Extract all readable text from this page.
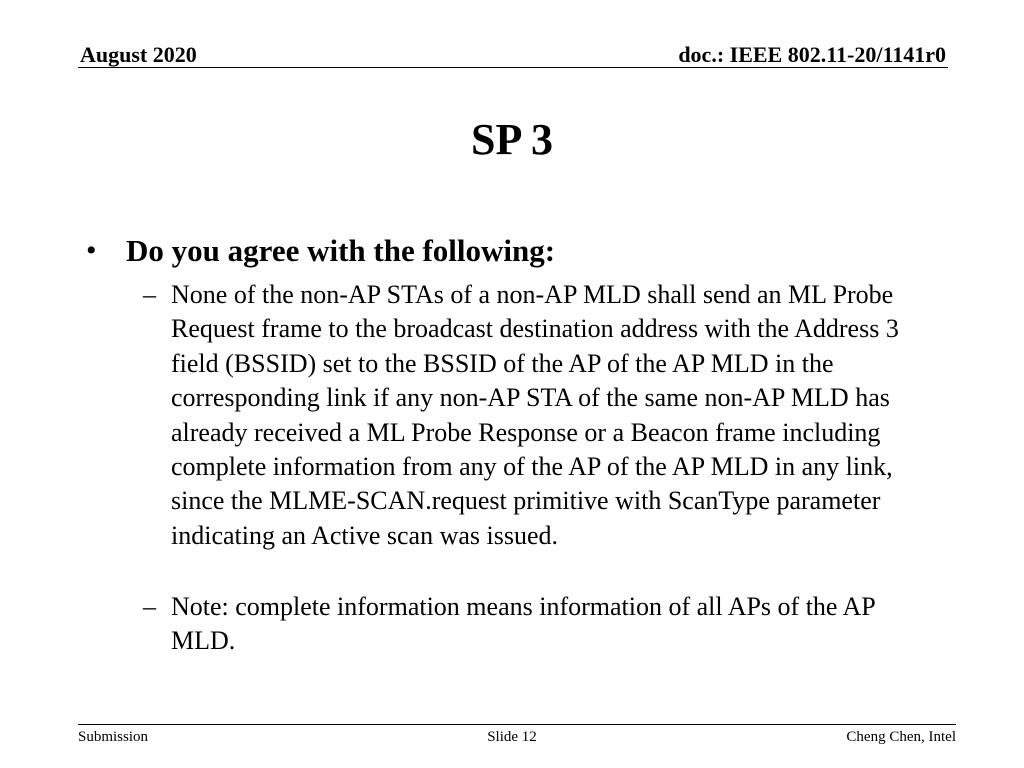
August 2020	doc.: IEEE 802.11-20/1141r0
SP 3
• Do you agree with the following:
– None of the non-AP STAs of a non-AP MLD shall send an ML Probe Request frame to the broadcast destination address with the Address 3 field (BSSID) set to the BSSID of the AP of the AP MLD in the corresponding link if any non-AP STA of the same non-AP MLD has already received a ML Probe Response or a Beacon frame including complete information from any of the AP of the AP MLD in any link, since the MLME-SCAN.request primitive with ScanType parameter indicating an Active scan was issued.
– Note: complete information means information of all APs of the AP MLD.
Submission	Slide 12	Cheng Chen, Intel
